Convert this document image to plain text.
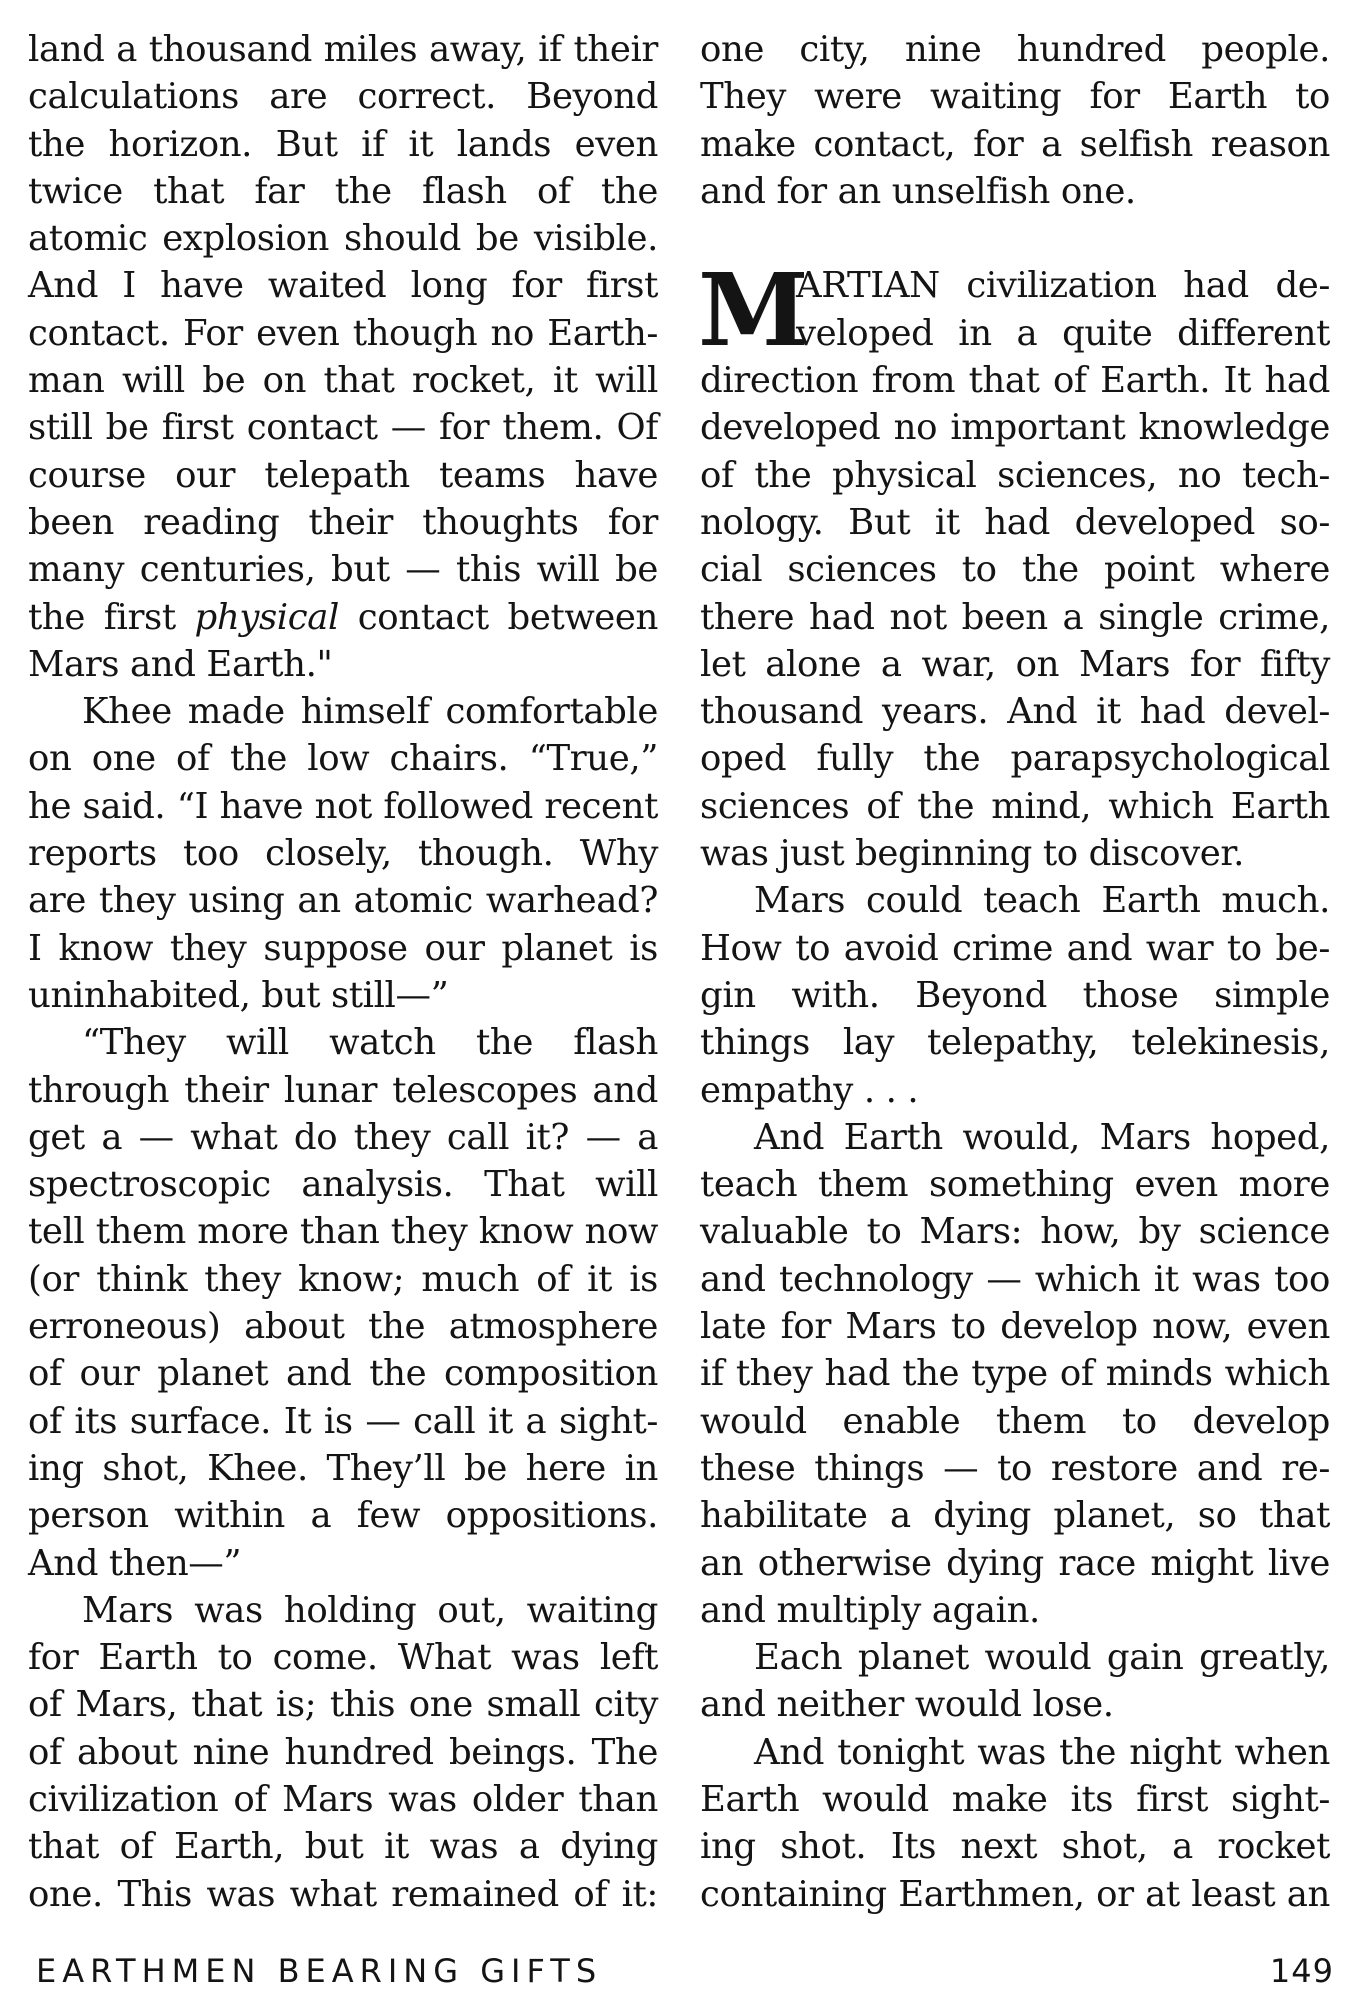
land a thousand miles away, if their
calculations are correct. Beyond
the horizon. But if it lands even
twice that far the flash of the
atomic explosion should be visible.
And I have waited long for first
contact. For even though no Earth-
man will be on that rocket, it will
still be first contact — for them. Of
course our telepath teams have
been reading their thoughts for
many centuries, but — this will be
the first physical contact between
Mars and Earth."
Khee made himself comfortable
on one of the low chairs. “True,”
he said. “I have not followed recent
reports too closely, though. Why
are they using an atomic warhead?
I know they suppose our planet is
uninhabited, but still—”
“They will watch the flash
through their lunar telescopes and
get a — what do they call it? — a
spectroscopic analysis. That will
tell them more than they know now
(or think they know; much of it is
erroneous) about the atmosphere
of our planet and the composition
of its surface. It is — call it a sight-
ing shot, Khee. They’ll be here in
person within a few oppositions.
And then—”
Mars was holding out, waiting
for Earth to come. What was left
of Mars, that is; this one small city
of about nine hundred beings. The
civilization of Mars was older than
that of Earth, but it was a dying
one. This was what remained of it:
one city, nine hundred people.
They were waiting for Earth to
make contact, for a selfish reason
and for an unselfish one.
M
ARTIAN civilization had de-
veloped in a quite different
direction from that of Earth. It had
developed no important knowledge
of the physical sciences, no tech-
nology. But it had developed so-
cial sciences to the point where
there had not been a single crime,
let alone a war, on Mars for fifty
thousand years. And it had devel-
oped fully the parapsychological
sciences of the mind, which Earth
was just beginning to discover.
Mars could teach Earth much.
How to avoid crime and war to be-
gin with. Beyond those simple
things lay telepathy, telekinesis,
empathy . . .
And Earth would, Mars hoped,
teach them something even more
valuable to Mars: how, by science
and technology — which it was too
late for Mars to develop now, even
if they had the type of minds which
would enable them to develop
these things — to restore and re-
habilitate a dying planet, so that
an otherwise dying race might live
and multiply again.
Each planet would gain greatly,
and neither would lose.
And tonight was the night when
Earth would make its first sight-
ing shot. Its next shot, a rocket
containing Earthmen, or at least an
EARTHMEN BEARING GIFTS	149
